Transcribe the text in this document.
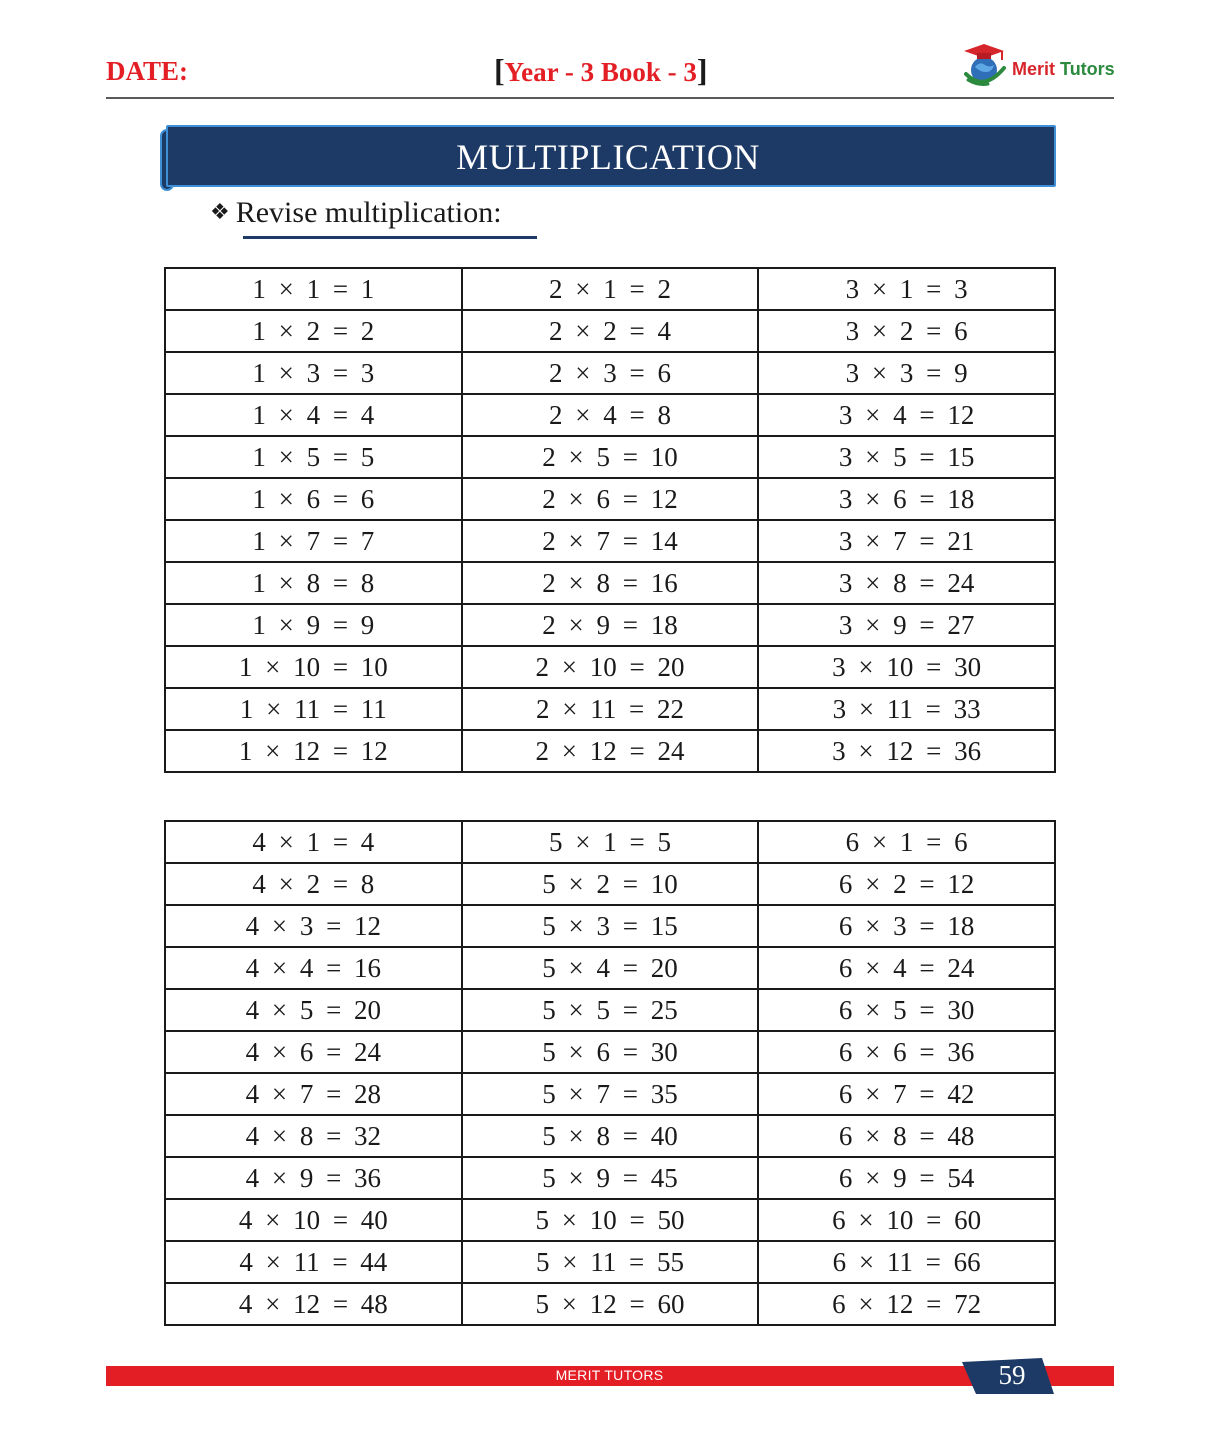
DATE:	[Year - 3 Book - 3]	Merit Tutors
MULTIPLICATION
❖ Revise multiplication:
1 × 1 = 1	2 × 1 = 2	3 × 1 = 3
1 × 2 = 2	2 × 2 = 4	3 × 2 = 6
1 × 3 = 3	2 × 3 = 6	3 × 3 = 9
1 × 4 = 4	2 × 4 = 8	3 × 4 = 12
1 × 5 = 5	2 × 5 = 10	3 × 5 = 15
1 × 6 = 6	2 × 6 = 12	3 × 6 = 18
1 × 7 = 7	2 × 7 = 14	3 × 7 = 21
1 × 8 = 8	2 × 8 = 16	3 × 8 = 24
1 × 9 = 9	2 × 9 = 18	3 × 9 = 27
1 × 10 = 10	2 × 10 = 20	3 × 10 = 30
1 × 11 = 11	2 × 11 = 22	3 × 11 = 33
1 × 12 = 12	2 × 12 = 24	3 × 12 = 36
4 × 1 = 4	5 × 1 = 5	6 × 1 = 6
4 × 2 = 8	5 × 2 = 10	6 × 2 = 12
4 × 3 = 12	5 × 3 = 15	6 × 3 = 18
4 × 4 = 16	5 × 4 = 20	6 × 4 = 24
4 × 5 = 20	5 × 5 = 25	6 × 5 = 30
4 × 6 = 24	5 × 6 = 30	6 × 6 = 36
4 × 7 = 28	5 × 7 = 35	6 × 7 = 42
4 × 8 = 32	5 × 8 = 40	6 × 8 = 48
4 × 9 = 36	5 × 9 = 45	6 × 9 = 54
4 × 10 = 40	5 × 10 = 50	6 × 10 = 60
4 × 11 = 44	5 × 11 = 55	6 × 11 = 66
4 × 12 = 48	5 × 12 = 60	6 × 12 = 72
MERIT TUTORS	59
